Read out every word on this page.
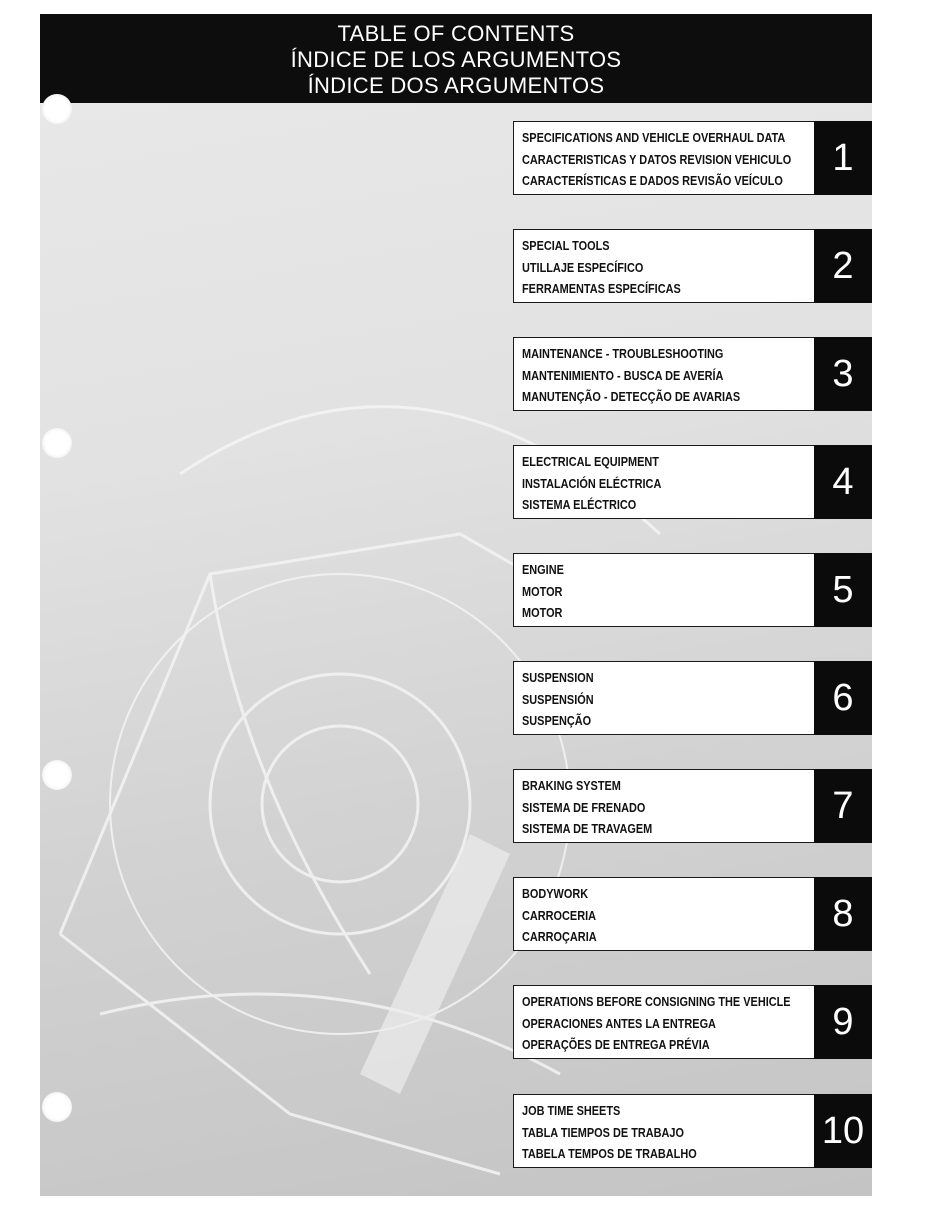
TABLE OF CONTENTS
ÍNDICE DE LOS ARGUMENTOS
ÍNDICE DOS ARGUMENTOS
SPECIFICATIONS AND VEHICLE OVERHAUL DATA
CARACTERISTICAS Y DATOS REVISION VEHICULO
CARACTERÍSTICAS E DADOS REVISÃO VEÍCULO
1
SPECIAL TOOLS
UTILLAJE ESPECÍFICO
FERRAMENTAS ESPECÍFICAS
2
MAINTENANCE - TROUBLESHOOTING
MANTENIMIENTO - BUSCA DE AVERÍA
MANUTENÇÃO - DETECÇÃO DE AVARIAS
3
ELECTRICAL EQUIPMENT
INSTALACIÓN ELÉCTRICA
SISTEMA ELÉCTRICO
4
ENGINE
MOTOR
MOTOR
5
SUSPENSION
SUSPENSIÓN
SUSPENÇÃO
6
BRAKING SYSTEM
SISTEMA DE FRENADO
SISTEMA DE TRAVAGEM
7
BODYWORK
CARROCERIA
CARROÇARIA
8
OPERATIONS BEFORE CONSIGNING THE VEHICLE
OPERACIONES ANTES LA ENTREGA
OPERAÇÕES DE ENTREGA PRÉVIA
9
JOB TIME SHEETS
TABLA TIEMPOS DE TRABAJO
TABELA TEMPOS DE TRABALHO
10
